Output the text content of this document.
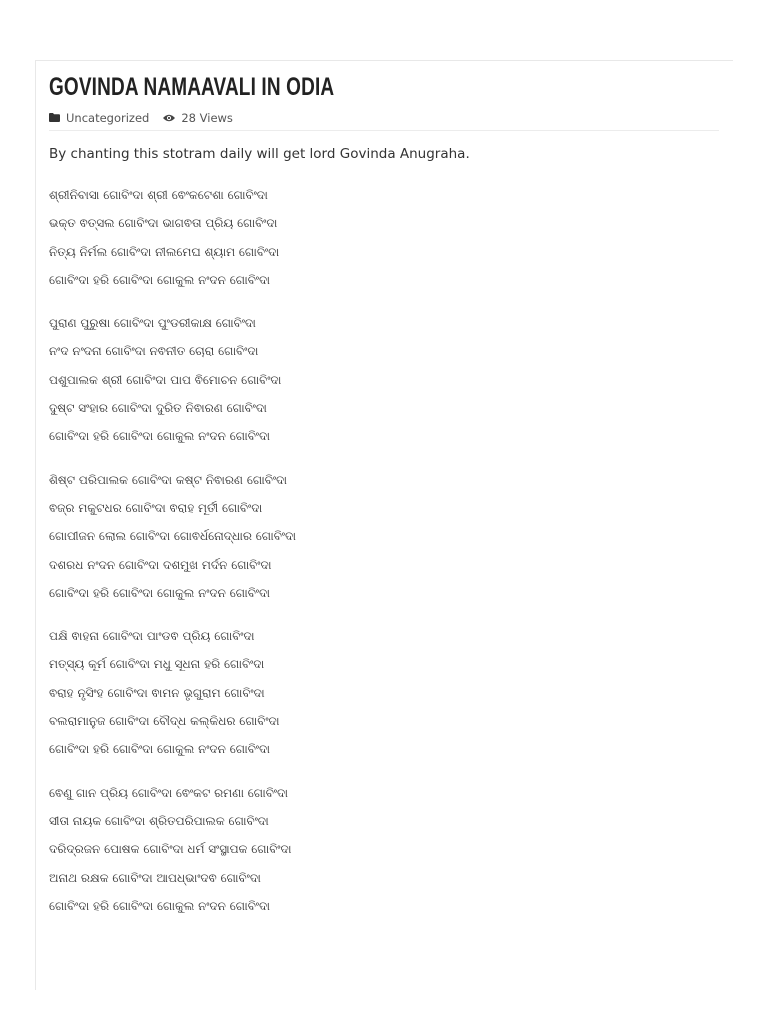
GOVINDA NAMAAVALI IN ODIA
Uncategorized	28 Views

By chanting this stotram daily will get lord Govinda Anugraha.

ଶ୍ରୀନିବାସା ଗୋବିଂଦା ଶ୍ରୀ ଵେଂକଟେଶା ଗୋବିଂଦା
ଭକ୍ତ ଵତ୍ସଲ ଗୋବିଂଦା ଭାଗଵତା ପ୍ରିୟ ଗୋବିଂଦା
ନିତ୍ୟ ନିର୍ମଲ ଗୋବିଂଦା ନୀଲମେଘ ଶ୍ୟାମ ଗୋବିଂଦା
ଗୋବିଂଦା ହରି ଗୋବିଂଦା ଗୋକୁଲ ନଂଦନ ଗୋବିଂଦା
ପୁରାଣ ପୁରୁଷା ଗୋବିଂଦା ପୁଂଡରୀକାକ୍ଷ ଗୋବିଂଦା
ନଂଦ ନଂଦନା ଗୋବିଂଦା ନଵନୀତ ଚୋରା ଗୋବିଂଦା
ପଶୁପାଲକ ଶ୍ରୀ ଗୋବିଂଦା ପାପ ଵିମୋଚନ ଗୋବିଂଦା
ଦୁଷ୍ଟ ସଂହାର ଗୋବିଂଦା ଦୁରିତ ନିଵାରଣ ଗୋବିଂଦା
ଗୋବିଂଦା ହରି ଗୋବିଂଦା ଗୋକୁଲ ନଂଦନ ଗୋବିଂଦା
ଶିଷ୍ଟ ପରିପାଲକ ଗୋବିଂଦା କଷ୍ଟ ନିଵାରଣ ଗୋବିଂଦା
ଵଜ୍ର ମକୁଟଧର ଗୋବିଂଦା ଵରାହ ମୂର୍ତୀ ଗୋବିଂଦା
ଗୋପୀଜନ ଲୋଲ ଗୋବିଂଦା ଗୋଵର୍ଧନୋଦ୍ଧାର ଗୋବିଂଦା
ଦଶରଧ ନଂଦନ ଗୋବିଂଦା ଦଶମୁଖ ମର୍ଦନ ଗୋବିଂଦା
ଗୋବିଂଦା ହରି ଗୋବିଂଦା ଗୋକୁଲ ନଂଦନ ଗୋବିଂଦା
ପକ୍ଷି ଵାହନା ଗୋବିଂଦା ପାଂଡଵ ପ୍ରିୟ ଗୋବିଂଦା
ମତ୍ସ୍ୟ କୂର୍ମ ଗୋବିଂଦା ମଧୁ ସୂଧନା ହରି ଗୋବିଂଦା
ଵରାହ ନୃସିଂହ ଗୋବିଂଦା ଵାମନ ଭୃଗୁରାମ ଗୋବିଂଦା
ବଲରାମାନୁଜ ଗୋବିଂଦା ବୌଦ୍ଧ କଲ୍କିଧର ଗୋବିଂଦା
ଗୋବିଂଦା ହରି ଗୋବିଂଦା ଗୋକୁଲ ନଂଦନ ଗୋବିଂଦା
ଵେଣୁ ଗାନ ପ୍ରିୟ ଗୋବିଂଦା ଵେଂକଟ ରମଣା ଗୋବିଂଦା
ସୀତା ନାୟକ ଗୋବିଂଦା ଶ୍ରିତପରିପାଲକ ଗୋବିଂଦା
ଦରିଦ୍ରଜନ ପୋଷକ ଗୋବିଂଦା ଧର୍ମ ସଂସ୍ଥାପକ ଗୋବିଂଦା
ଅନାଥ ରକ୍ଷକ ଗୋବିଂଦା ଆପଧ୍ଭାଂଦଵ ଗୋବିଂଦା
ଗୋବିଂଦା ହରି ଗୋବିଂଦା ଗୋକୁଲ ନଂଦନ ଗୋବିଂଦା
